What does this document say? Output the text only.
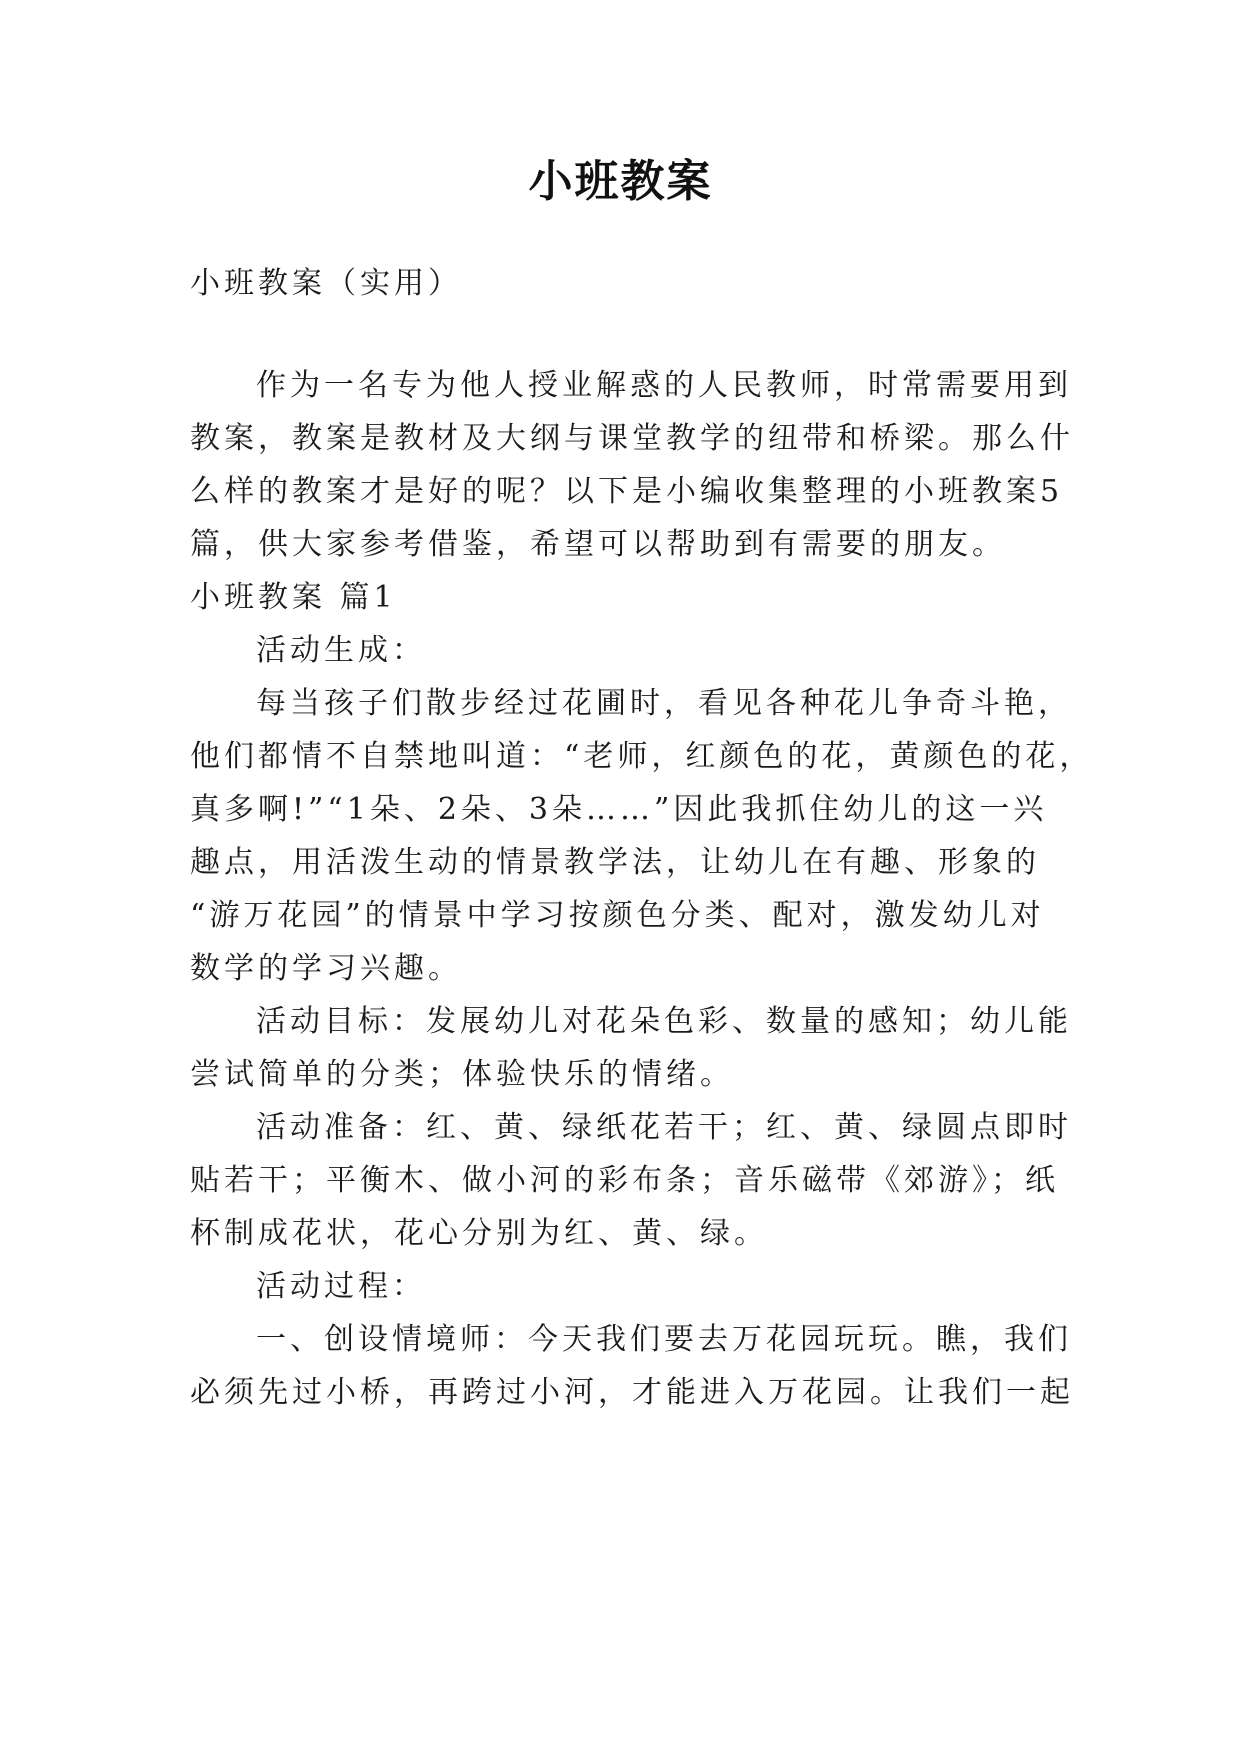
小班教案
小班教案（实用）
作为一名专为他人授业解惑的人民教师，时常需要用到
教案，教案是教材及大纲与课堂教学的纽带和桥梁。那么什
么样的教案才是好的呢？以下是小编收集整理的小班教案5
篇，供大家参考借鉴，希望可以帮助到有需要的朋友。
小班教案 篇1
活动生成：
每当孩子们散步经过花圃时，看见各种花儿争奇斗艳，
他们都情不自禁地叫道：“老师，红颜色的花，黄颜色的花，
真多啊!”“1朵、2朵、3朵……”因此我抓住幼儿的这一兴
趣点，用活泼生动的情景教学法，让幼儿在有趣、形象的
“游万花园”的情景中学习按颜色分类、配对，激发幼儿对
数学的学习兴趣。
活动目标：发展幼儿对花朵色彩、数量的感知；幼儿能
尝试简单的分类；体验快乐的情绪。
活动准备：红、黄、绿纸花若干；红、黄、绿圆点即时
贴若干；平衡木、做小河的彩布条；音乐磁带《郊游》；纸
杯制成花状，花心分别为红、黄、绿。
活动过程：
一、创设情境师：今天我们要去万花园玩玩。瞧，我们
必须先过小桥，再跨过小河，才能进入万花园。让我们一起
